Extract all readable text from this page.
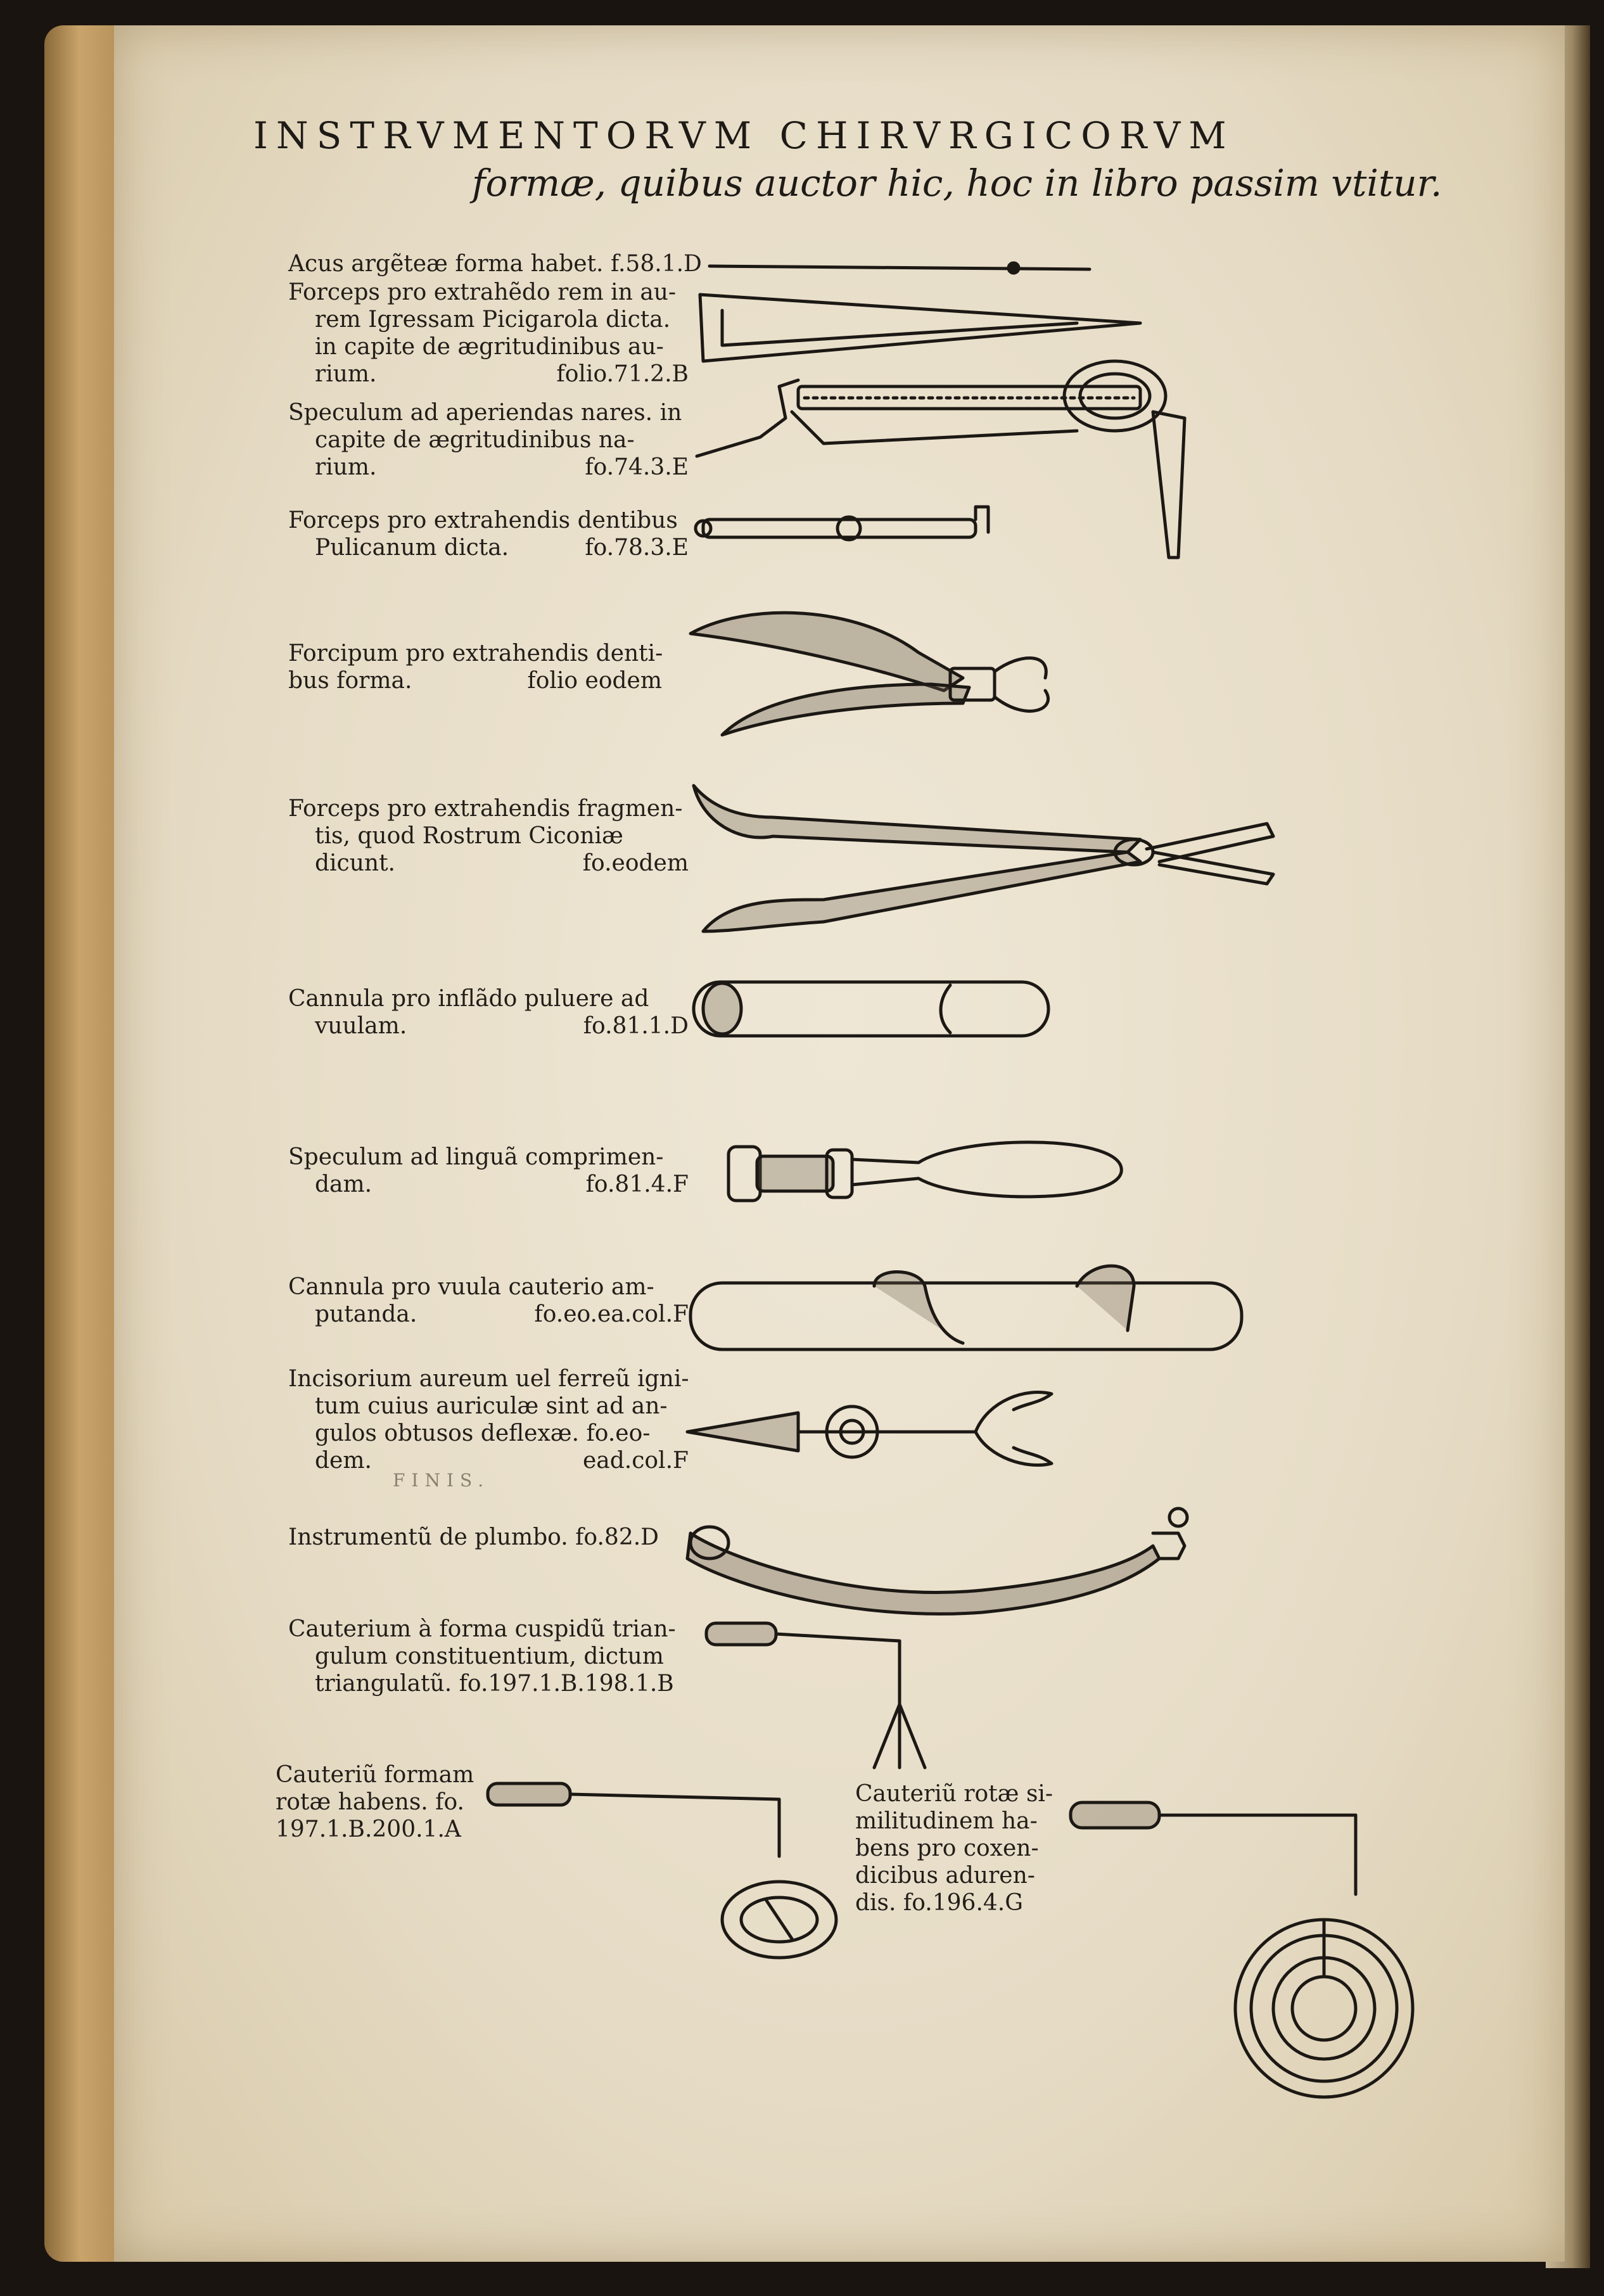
INSTRVMENTORVM CHIRVRGICORVM
formæ, quibus auctor hic, hoc in libro passim vtitur.
FINIS.
Acus argẽteæ forma habet. f.58.1.D
Forceps pro extrahẽdo rem in au-
rem Igressam Picigarola dicta.
in capite de ægritudinibus au-
rium.	folio.71.2.B
Speculum ad aperiendas nares. in
capite de ægritudinibus na-
rium.	fo.74.3.E
Forceps pro extrahendis dentibus
Pulicanum dicta.	fo.78.3.E
Forcipum pro extrahendis denti-
bus forma.	folio eodem
Forceps pro extrahendis fragmen-
tis, quod Rostrum Ciconiæ
dicunt.	fo.eodem
Cannula pro inflãdo puluere ad
vuulam.	fo.81.1.D
Speculum ad linguã comprimen-
dam.	fo.81.4.F
Cannula pro vuula cauterio am-
putanda.	fo.eo.ea.col.F
Incisorium aureum uel ferreũ igni-
tum cuius auriculæ sint ad an-
gulos obtusos deflexæ. fo.eo-
dem.	ead.col.F
Instrumentũ de plumbo. fo.82.D
Cauterium à forma cuspidũ trian-
gulum constituentium, dictum
triangulatũ. fo.197.1.B.198.1.B
Cauteriũ formam
rotæ habens. fo.
197.1.B.200.1.A
Cauteriũ rotæ si-
militudinem ha-
bens pro coxen-
dicibus aduren-
dis. fo.196.4.G
